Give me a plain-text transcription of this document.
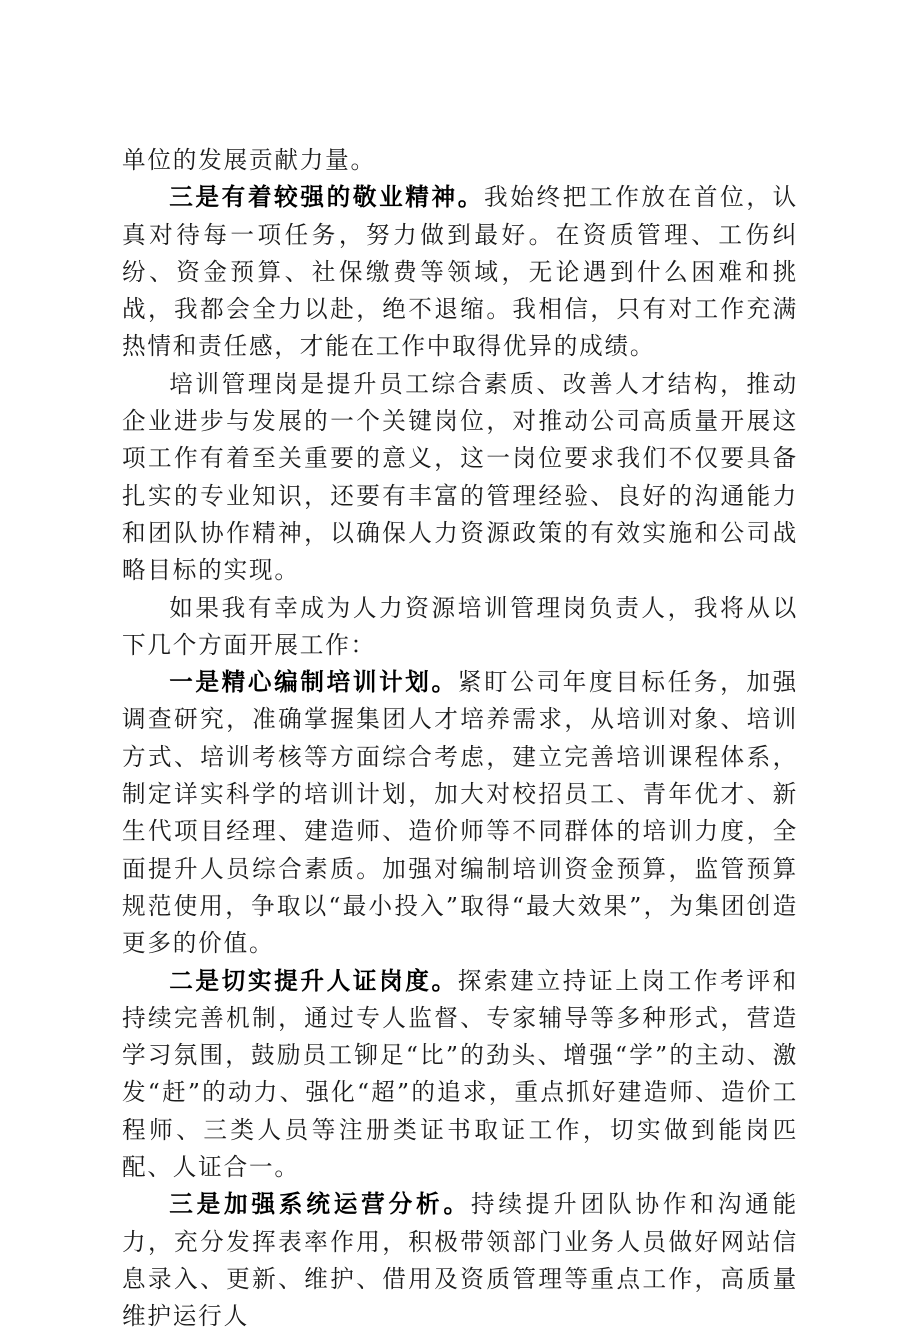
单位的发展贡献力量。

三是有着较强的敬业精神。我始终把工作放在首位，认真对待每一项任务，努力做到最好。在资质管理、工伤纠纷、资金预算、社保缴费等领域，无论遇到什么困难和挑战，我都会全力以赴，绝不退缩。我相信，只有对工作充满热情和责任感，才能在工作中取得优异的成绩。

培训管理岗是提升员工综合素质、改善人才结构，推动企业进步与发展的一个关键岗位，对推动公司高质量开展这项工作有着至关重要的意义，这一岗位要求我们不仅要具备扎实的专业知识，还要有丰富的管理经验、良好的沟通能力和团队协作精神，以确保人力资源政策的有效实施和公司战略目标的实现。

如果我有幸成为人力资源培训管理岗负责人，我将从以下几个方面开展工作：

一是精心编制培训计划。紧盯公司年度目标任务，加强调查研究，准确掌握集团人才培养需求，从培训对象、培训方式、培训考核等方面综合考虑，建立完善培训课程体系，制定详实科学的培训计划，加大对校招员工、青年优才、新生代项目经理、建造师、造价师等不同群体的培训力度，全面提升人员综合素质。加强对编制培训资金预算，监管预算规范使用，争取以“最小投入”取得“最大效果”，为集团创造更多的价值。

二是切实提升人证岗度。探索建立持证上岗工作考评和持续完善机制，通过专人监督、专家辅导等多种形式，营造学习氛围，鼓励员工铆足“比”的劲头、增强“学”的主动、激发“赶”的动力、强化“超”的追求，重点抓好建造师、造价工程师、三类人员等注册类证书取证工作，切实做到能岗匹配、人证合一。

三是加强系统运营分析。持续提升团队协作和沟通能力，充分发挥表率作用，积极带领部门业务人员做好网站信息录入、更新、维护、借用及资质管理等重点工作，高质量维护运行人
